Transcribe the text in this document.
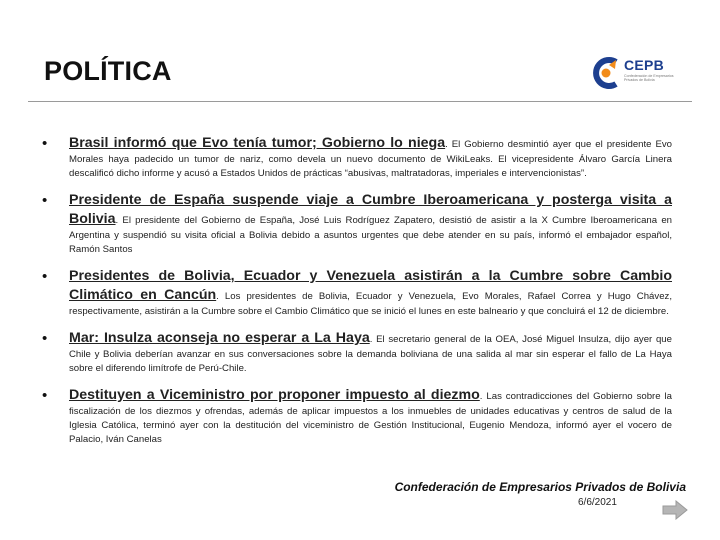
POLÍTICA	CEPB
Confederación de Empresarios Privados de Bolivia
• Brasil informó que Evo tenía tumor; Gobierno lo niega. El Gobierno desmintió ayer que el presidente Evo Morales haya padecido un tumor de nariz, como devela un nuevo documento de WikiLeaks. El vicepresidente Álvaro García Linera descalificó dicho informe y acusó a Estados Unidos de prácticas “abusivas, maltratadoras, imperiales e intervencionistas”.
• Presidente de España suspende viaje a Cumbre Iberoamericana y posterga visita a Bolivia. El presidente del Gobierno de España, José Luis Rodríguez Zapatero, desistió de asistir a la X Cumbre Iberoamericana en Argentina y suspendió su visita oficial a Bolivia debido a asuntos urgentes que debe atender en su país, informó el embajador español, Ramón Santos
• Presidentes de Bolivia, Ecuador y Venezuela asistirán a la Cumbre sobre Cambio Climático en Cancún. Los presidentes de Bolivia, Ecuador y Venezuela, Evo Morales, Rafael Correa y Hugo Chávez, respectivamente, asistirán a la Cumbre sobre el Cambio Climático que se inició el lunes en este balneario y que concluirá el 12 de diciembre.
• Mar: Insulza aconseja no esperar a La Haya. El secretario general de la OEA, José Miguel Insulza, dijo ayer que Chile y Bolivia deberían avanzar en sus conversaciones sobre la demanda boliviana de una salida al mar sin esperar el fallo de La Haya sobre el diferendo limítrofe de Perú-Chile.
• Destituyen a Viceministro por proponer impuesto al diezmo. Las contradicciones del Gobierno sobre la fiscalización de los diezmos y ofrendas, además de aplicar impuestos a los inmuebles de unidades educativas y centros de salud de la Iglesia Católica, terminó ayer con la destitución del viceministro de Gestión Institucional, Eugenio Mendoza, informó ayer el vocero de Palacio, Iván Canelas
Confederación de Empresarios Privados de Bolivia
6/6/2021
